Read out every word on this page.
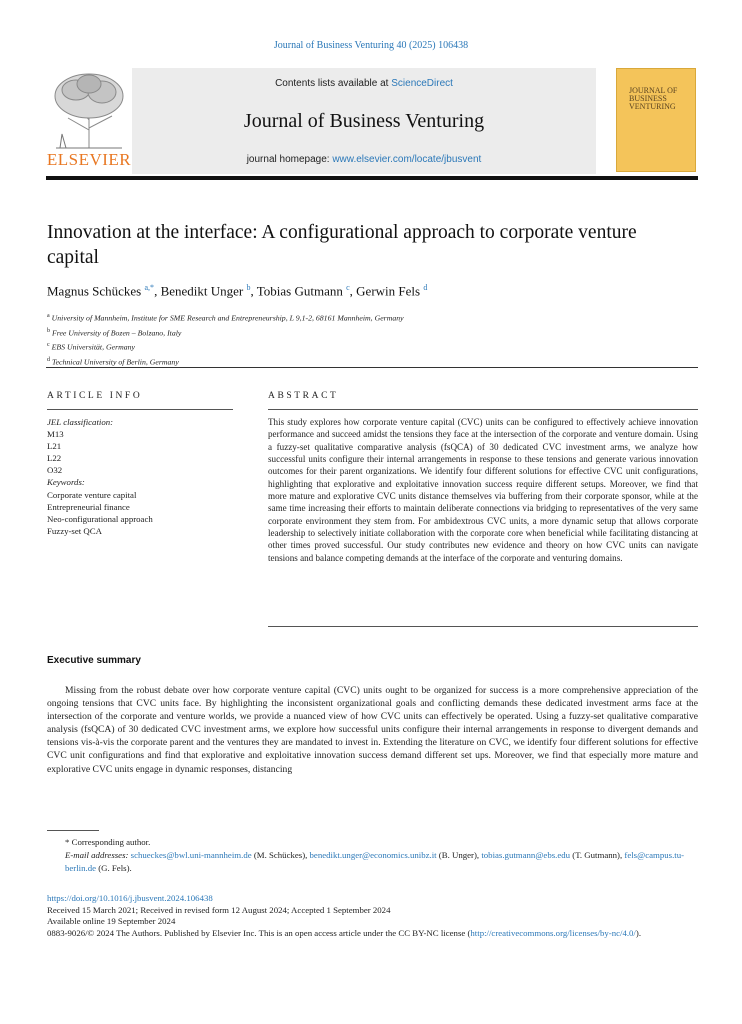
Journal of Business Venturing 40 (2025) 106438
ELSEVIER
Contents lists available at ScienceDirect
Journal of Business Venturing
journal homepage: www.elsevier.com/locate/jbusvent
JOURNAL OF BUSINESS VENTURING
Innovation at the interface: A configurational approach to corporate venture capital
Magnus Schückes $^{a,*}$, Benedikt Unger $^b$, Tobias Gutmann $^c$, Gerwin Fels $^d$
$^a$ University of Mannheim, Institute for SME Research and Entrepreneurship, L 9,1-2, 68161 Mannheim, Germany
$^b$ Free University of Bozen – Bolzano, Italy
$^c$ EBS Universität, Germany
$^d$ Technical University of Berlin, Germany
ARTICLE INFO	ABSTRACT
JEL classification:
M13
L21
L22
O32
Keywords:
Corporate venture capital
Entrepreneurial finance
Neo-configurational approach
Fuzzy-set QCA
This study explores how corporate venture capital (CVC) units can be configured to effectively achieve innovation performance and succeed amidst the tensions they face at the intersection of the corporate and venture domain. Using a fuzzy-set qualitative comparative analysis (fsQCA) of 30 dedicated CVC investment arms, we analyze how successful units configure their internal arrangements in response to these tensions and generate various innovation outcomes for their parent organizations. We identify four different solutions for effective CVC unit configurations, highlighting that explorative and exploitative innovation success require different setups. Moreover, we find that more mature and explorative CVC units distance themselves via buffering from their corporate sponsor, while at the same time increasing their efforts to maintain deliberate connections via bridging to representatives of the very same corporate environment they stem from. For ambidextrous CVC units, a more dynamic setup that allows corporate leadership to selectively initiate collaboration with the corporate core when beneficial while facilitating distancing at other times proved successful. Our study contributes new evidence and theory on how CVC units can navigate tensions and balance competing demands at the interface of the corporate and venturing domains.
Executive summary
Missing from the robust debate over how corporate venture capital (CVC) units ought to be organized for success is a more comprehensive appreciation of the ongoing tensions that CVC units face. By highlighting the inconsistent organizational goals and conflicting demands these dedicated investment arms face at the intersection of the corporate and venture worlds, we provide a nuanced view of how CVC units can effectively be operated. Using a fuzzy-set qualitative comparative analysis (fsQCA) of 30 dedicated CVC investment arms, we explore how successful units configure their internal arrangements in response to divergent demands and tensions vis-à-vis the corporate parent and the ventures they are mandated to invest in. Extending the literature on CVC, we identify four different solutions for effective CVC unit configurations and find that explorative and exploitative innovation success demand different set ups. Moreover, we find that especially more mature and explorative CVC units engage in dynamic responses, distancing
* Corresponding author.
E-mail addresses: schueckes@bwl.uni-mannheim.de (M. Schückes), benedikt.unger@economics.unibz.it (B. Unger), tobias.gutmann@ebs.edu (T. Gutmann), fels@campus.tu-berlin.de (G. Fels).
https://doi.org/10.1016/j.jbusvent.2024.106438
Received 15 March 2021; Received in revised form 12 August 2024; Accepted 1 September 2024
Available online 19 September 2024
0883-9026/© 2024 The Authors. Published by Elsevier Inc. This is an open access article under the CC BY-NC license (http://creativecommons.org/licenses/by-nc/4.0/).
